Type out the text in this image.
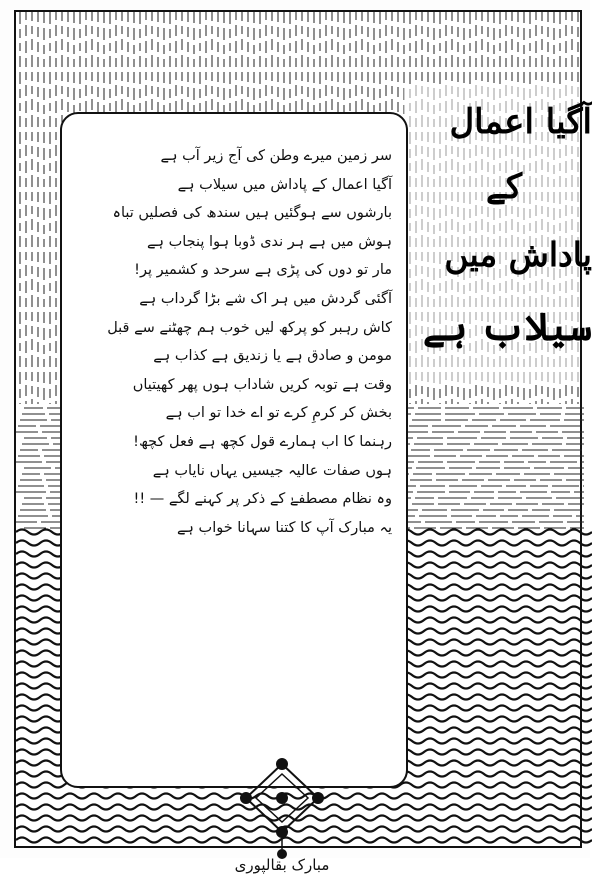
آگیا اعمال
کے
پاداش میں
سیلاب ہے
سر زمین میرے وطن کی آج زیر آب ہے
آگیا اعمال کے پاداش میں سیلاب ہے
بارشوں سے ہوگئیں ہیں سندھ کی فصلیں تباہ
ہوش میں ہے ہر ندی ڈوبا ہوا پنجاب ہے
مار تو دوں کی پڑی ہے سرحد و کشمیر پر!
آگئی گردش میں ہر اک شے بڑا گرداب ہے
کاش رہبر کو پرکھ لیں خوب ہم چھٹنے سے قبل
مومن و صادق ہے یا زندیق ہے کذاب ہے
وقت ہے توبہ کریں شاداب ہوں پھر کھیتیاں
بخش کر کرمِ کرے تو اے خدا تو اب ہے
رہنما کا اب ہمارے قول کچھ ہے فعل کچھ!
ہوں صفات عالیہ جیسیں یہاں نایاب ہے
وہ نظام مصطفےٰ کے ذکر پر کہنے لگے — !!
یہ مبارک آپ کا کتنا سہانا خواب ہے
مبارک بقالپوری
